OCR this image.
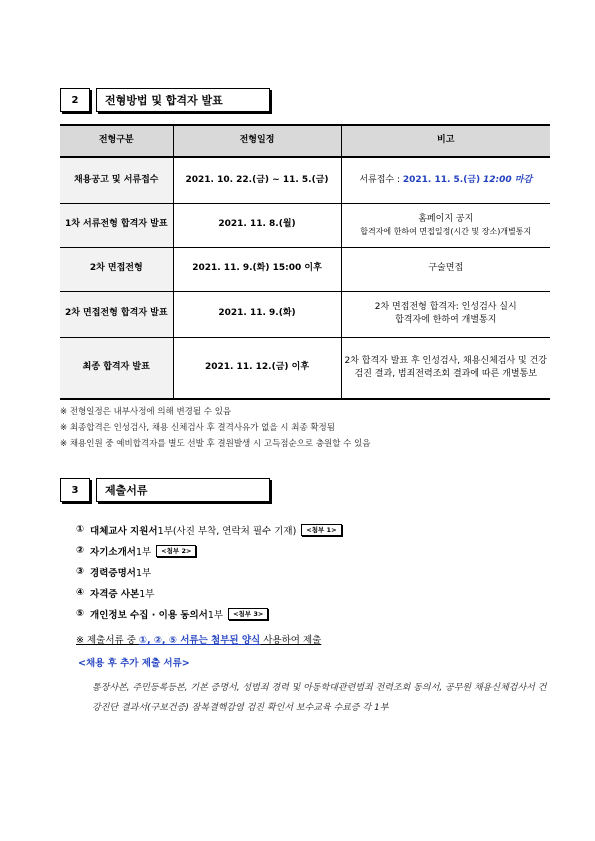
2	전형방법 및 합격자 발표
전형구분	전형일정	비고
채용공고 및 서류접수	2021. 10. 22.(금) ~ 11. 5.(금)	서류접수 : 2021. 11. 5.(금) 12:00 마감
1차 서류전형 합격자 발표	2021. 11. 8.(월)	홈페이지 공지
합격자에 한하여 면접일정(시간 및 장소)개별통지

2차 면접전형	2021. 11. 9.(화) 15:00 이후	구술면접
2차 면접전형 합격자 발표	2021. 11. 9.(화)	2차 면접전형 합격자: 인성검사 실시
합격자에 한하여 개별통지

최종 합격자 발표	2021. 11. 12.(금) 이후	2차 합격자 발표 후 인성검사, 채용신체검사 및 건강검진 결과, 범죄전력조회 결과에 따른 개별통보
※ 전형일정은 내부사정에 의해 변경될 수 있음
※ 최종합격은 인성검사, 채용 신체검사 후 결격사유가 없을 시 최종 확정됨
※ 채용인원 중 예비합격자를 별도 선발 후 결원발생 시 고득점순으로 충원할 수 있음
3	제출서류
① 대체교사 지원서 1부(사진 부착, 연락처 필수 기재)	<첨부 1>
② 자기소개서 1부	<첨부 2>
③ 경력증명서 1부
④ 자격증 사본 1부
⑤ 개인정보 수집 · 이용 동의서 1부	<첨부 3>
※ 제출서류 중 ①, ②, ⑤ 서류는 첨부된 양식 사용하여 제출
<채용 후 추가 제출 서류>
통장사본, 주민등록등본, 기본 증명서, 성범죄 경력 및 아동학대관련범죄 전력조회 동의서, 공무원 채용신체검사서 건강진단 결과서(구보건증) 잠복결핵감염 검진 확인서 보수교육 수료증 각 1부
